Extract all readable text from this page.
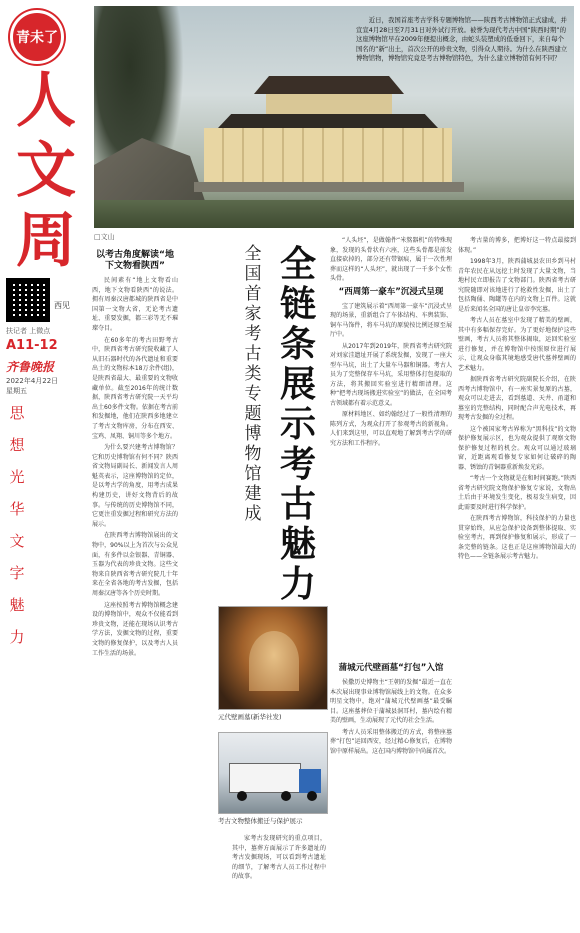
青未了
人
文
周
西见
扶记者 上微点
A11-12
齐鲁晚报
2022年4月22日
星期五
思
想
光
华
文
字
魅
力

近日，我国首座考古学科专题博物馆——陕西考古博物馆正式建成，并宣宣4月28日至7月31日对外试行开放。被誉为现代考古中国“陕西时期”的这座博物馆早在2009年便提出概念，由蛇头装塑成的低垂回下，来自每个国名的”新“出土，首次公开的珍贵文物，引得众人期待。为什么在陕西建立博物馆物，博物馆究竟是考古博物馆特色，为什么建立博物馆有何不同？

□文山
以考古角度解读“地下文物看陕西”

民间素有“地上文物看山西，地下文物看陕西”的说法。拥有周秦汉唐都城的陕西省是中国第一文物大省，无论考古遗址、重要发掘，都三彩等无不璀璨夺目。

在60多年的考古田野考古中，陕西省考古研究院收藏了人从旧石器时代的各代遗址和重要出土的文物标本18万余件(组)，是陕西省最大、最重要的文物收藏单位。截至2016年的统计数据，陕西省考古研究院一天平均出土60多件文物。依据在考古前和发掘地，他们在陕西多地建立了考古文物库房，分布在西安、宝鸡、凤翔、铜川等多个地方。

为什么要兴建考古博物馆？它和历史博物馆有何不同？陕西省文物局副局长、新闻发言人周魁英表示，这座博物馆的定位，是以考古学的角度，用考古成果构建历史，讲好文物背后的故事。与传统的历史博物馆不同，它更注重发掘过程和研究方法的展示。

在陕西考古博物馆展出的文物中，90%以上为首次与公众见面，有多件以金银器、青铜器、玉器为代表的珍贵文物。这些文物来自陕西省考古研究院几十年来在全省各地的考古发掘，包括周秦汉唐等各个历史时期。

这座按照考古博物馆概念建设的博物馆中，观众不仅能看到珍贵文物，还能在现场认识考古学方法，发掘文物的过程，重要文物的修复保护，以及考古人员工作生活的场景。

全国首家考古类专题博物馆建成
全链条展示考古魅力

“人头坯”，是做翰件“米熬器机”的特殊现象，发现的头骨状有六座，这些头骨都是前发直接砍掉的，部分还有带锯痕，属于一次性埋葬而这样的“人头坯”，就出现了一千多个女性头骨。

“西周第一豪车”沉浸式呈现

宝了建筑展示着“西周第一豪车”沉浸式呈现的场景，重新组合了车体结构、车舆装饰、铜车马饰件，将车马坑的原貌按比例还原至展厅中。

从2017年到2019年，陕西省考古研究院对刘家洼遗址开展了系统发掘，发现了一座大型车马坑，出土了大量车马器和铜器。考古人员为了完整保存车马坑，采用整体打包提取的方法，将其搬回实验室进行精细清理。这种“把考古现场搬进实验室”的做法，在全国考古领域都有着示范意义。

原材料地区、如约翰经过了一般性清理的陈列方式，为观众打开了参观考古的新视角。人们来到这里，可以直观地了解到考古学的研究方法和工作程序。

考古量的博多，把博好这一特点最接到体现。”

1998年3月，陕西蒲城县农田乡到马村青年农民在从远挖土时发现了大量文物，当地村民立即报告了文物部门。陕西省考古研究院随即对该地进行了抢救性发掘，出土了包括陶俑、陶罐等在内的文物上百件。这就是后来闻名全国的唐让皇帝李宪墓。

考古人员在墓室中发现了精美的壁画，其中有多幅保存完好。为了更好地保护这些壁画，考古人员将其整体揭取，运回实验室进行修复，并在博物馆中按照原位进行展示，让观众身临其境地感受唐代墓葬壁画的艺术魅力。

据陕西省考古研究院副院长介绍，在陕西考古博物馆中，有一座实景复原的古墓，观众可以走进去，看到墓道、天井、甬道和墓室的完整结构，同时配合声光电技术，再现考古发掘的全过程。

这个被国家考古界称为“黑科技”的文物保护修复展示区，也为观众提供了观察文物保护修复过程的机会。观众可以通过玻璃窗，近距离观看修复专家如何让破碎的陶器、锈蚀的青铜器重新焕发光彩。

“考古一个文物就是在和时间赛跑。”陕西省考古研究院文物保护修复专家说，文物出土后由于环境发生变化，极易发生病变，因此需要及时进行科学保护。

在陕西考古博物馆，科技保护的力量也贯穿始终，从应急保护设备到整体提取、实验室考古，再到保护修复和展示，形成了一条完整的链条。这也正是这座博物馆最大的特色——全链条展示考古魅力。

蒲城元代壁画墓“打包”入馆

侯撒历史博物主“王朝的发掘”最近一直在本次展出现事业博物馆展线上的文物。在众多明星文物中，绝对“蒲城元代壁画墓”最受瞩目。这座墓葬位于蒲城县洞耳村，墓内绘有精美的壁画，生动展现了元代的社会生活。

考古人员采用整体搬迁的方式，将整座墓葬“打包”运回西安，经过精心修复后，在博物馆中原样展出。这在国内博物馆中尚属首次。

家考古发现研究的重点项目，其中，墓葬方面展示了许多遗址的考古发掘现场，可以看到考古遗址的细节，了解考古人员工作过程中的故事。

元代壁画墓(新华社发)
考古文物整体搬迁与保护展示
